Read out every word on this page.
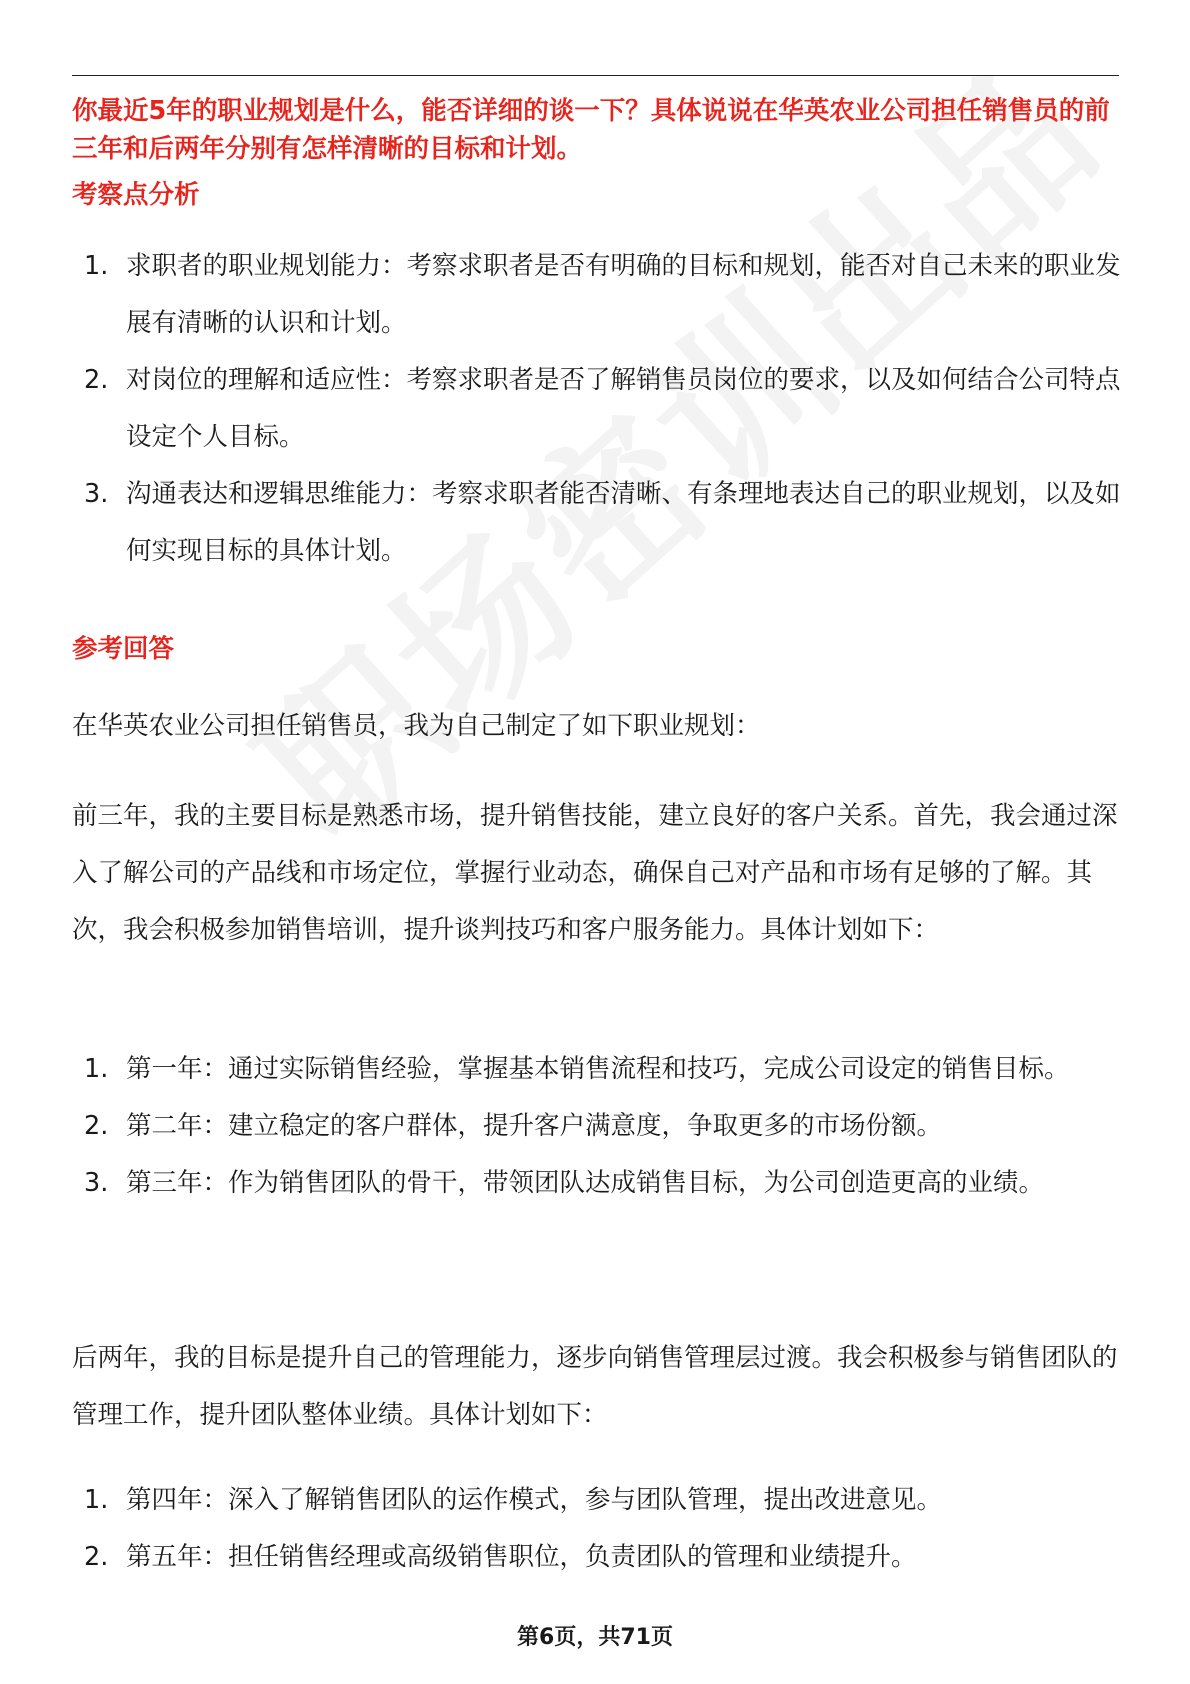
你最近5年的职业规划是什么，能否详细的谈一下？具体说说在华英农业公司担任销售员的前三年和后两年分别有怎样清晰的目标和计划。
考察点分析
1. 求职者的职业规划能力：考察求职者是否有明确的目标和规划，能否对自己未来的职业发展有清晰的认识和计划。
2. 对岗位的理解和适应性：考察求职者是否了解销售员岗位的要求，以及如何结合公司特点设定个人目标。
3. 沟通表达和逻辑思维能力：考察求职者能否清晰、有条理地表达自己的职业规划，以及如何实现目标的具体计划。
参考回答

在华英农业公司担任销售员，我为自己制定了如下职业规划：

前三年，我的主要目标是熟悉市场，提升销售技能，建立良好的客户关系。首先，我会通过深入了解公司的产品线和市场定位，掌握行业动态，确保自己对产品和市场有足够的了解。其次，我会积极参加销售培训，提升谈判技巧和客户服务能力。具体计划如下：

1. 第一年：通过实际销售经验，掌握基本销售流程和技巧，完成公司设定的销售目标。
2. 第二年：建立稳定的客户群体，提升客户满意度，争取更多的市场份额。
3. 第三年：作为销售团队的骨干，带领团队达成销售目标，为公司创造更高的业绩。

后两年，我的目标是提升自己的管理能力，逐步向销售管理层过渡。我会积极参与销售团队的管理工作，提升团队整体业绩。具体计划如下：

1. 第四年：深入了解销售团队的运作模式，参与团队管理，提出改进意见。
2. 第五年：担任销售经理或高级销售职位，负责团队的管理和业绩提升。
第6页，共71页
